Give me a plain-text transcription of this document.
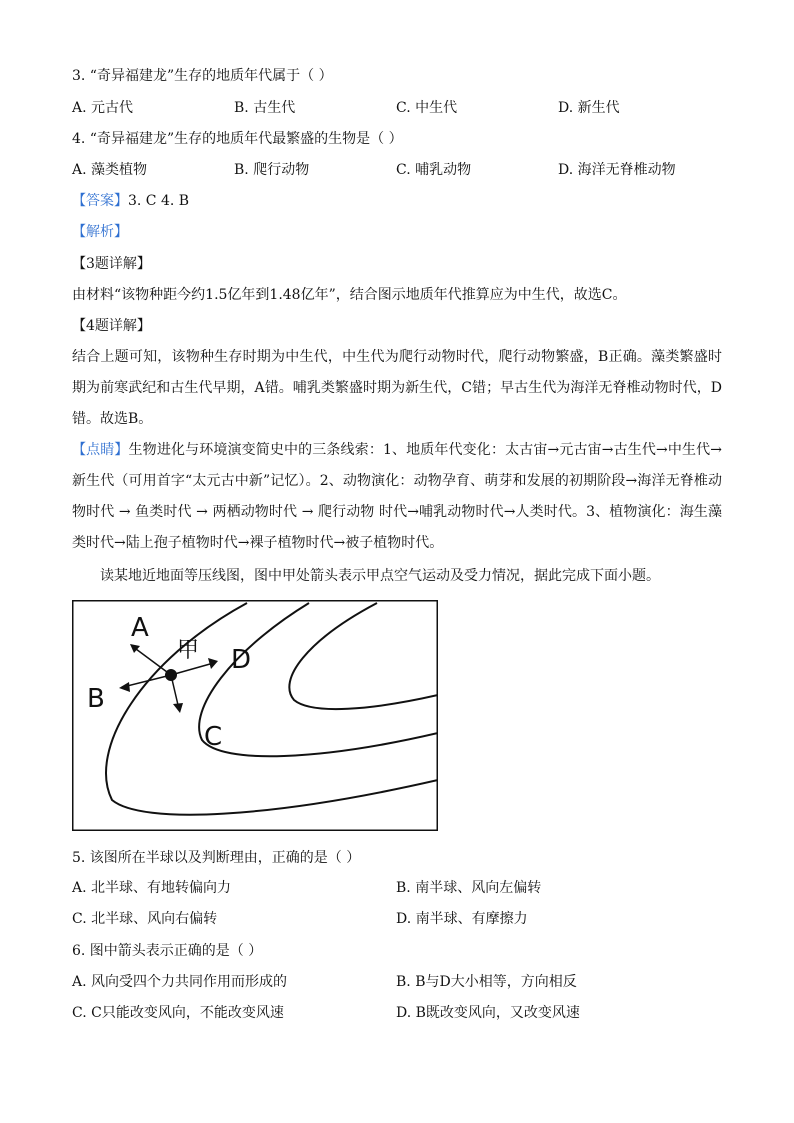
3. “奇异福建龙”生存的地质年代属于（ ）
A. 元古代	B. 古生代	C. 中生代	D. 新生代
4. “奇异福建龙”生存的地质年代最繁盛的生物是（ ）
A. 藻类植物	B. 爬行动物	C. 哺乳动物	D. 海洋无脊椎动物
【答案】3. C 4. B
【解析】
【3题详解】
由材料“该物种距今约1.5亿年到1.48亿年”，结合图示地质年代推算应为中生代，故选C。
【4题详解】
结合上题可知，该物种生存时期为中生代，中生代为爬行动物时代，爬行动物繁盛，B正确。藻类繁盛时期为前寒武纪和古生代早期，A错。哺乳类繁盛时期为新生代，C错；早古生代为海洋无脊椎动物时代，D错。故选B。
【点睛】生物进化与环境演变简史中的三条线索：1、地质年代变化：太古宙→元古宙→古生代→中生代→新生代（可用首字“太元古中新”记忆）。2、动物演化：动物孕育、萌芽和发展的初期阶段→海洋无脊椎动物时代 → 鱼类时代 → 两栖动物时代 → 爬行动物 时代→哺乳动物时代→人类时代。3、植物演化：海生藻类时代→陆上孢子植物时代→裸子植物时代→被子植物时代。
读某地近地面等压线图，图中甲处箭头表示甲点空气运动及受力情况，据此完成下面小题。
A
甲 D
B
C
5. 该图所在半球以及判断理由，正确的是（ ）
A. 北半球、有地转偏向力	B. 南半球、风向左偏转
C. 北半球、风向右偏转	D. 南半球、有摩擦力
6. 图中箭头表示正确的是（ ）
A. 风向受四个力共同作用而形成的	B. B与D大小相等，方向相反
C. C只能改变风向，不能改变风速	D. B既改变风向，又改变风速
